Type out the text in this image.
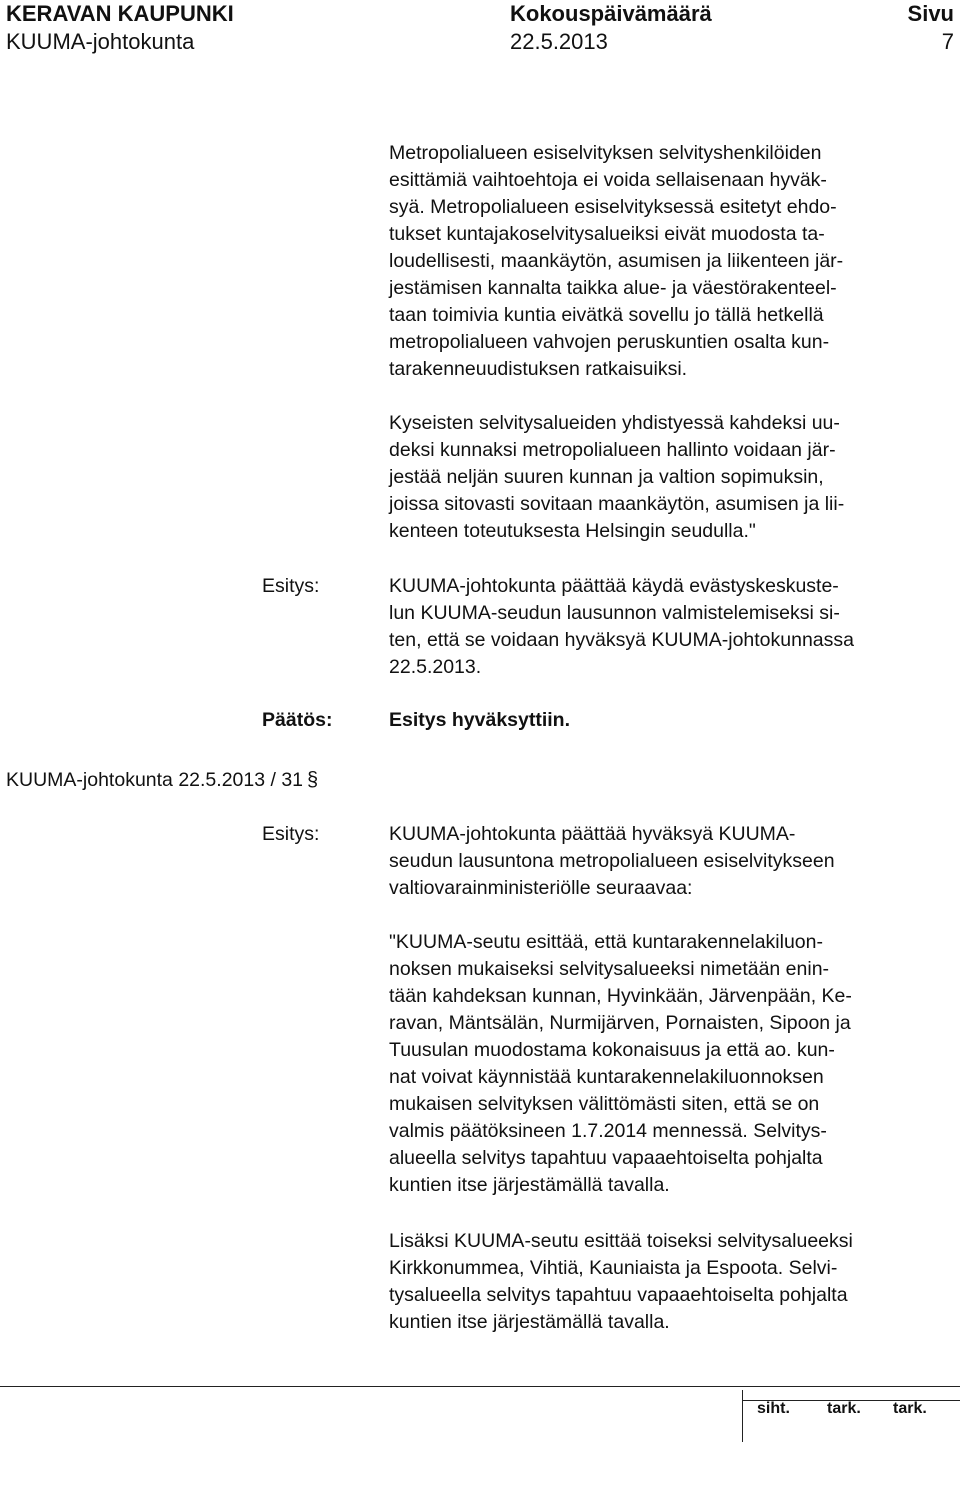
KERAVAN KAUPUNKI	Kokouspäivämäärä	Sivu
KUUMA-johtokunta	22.5.2013	7
Metropolialueen esiselvityksen selvityshenkilöiden
esittämiä vaihtoehtoja ei voida sellaisenaan hyväk-
syä. Metropolialueen esiselvityksessä esitetyt ehdo-
tukset kuntajakoselvitysalueiksi eivät muodosta ta-
loudellisesti, maankäytön, asumisen ja liikenteen jär-
jestämisen kannalta taikka alue- ja väestörakenteel-
taan toimivia kuntia eivätkä sovellu jo tällä hetkellä
metropolialueen vahvojen peruskuntien osalta kun-
tarakenneuudistuksen ratkaisuiksi.
Kyseisten selvitysalueiden yhdistyessä kahdeksi uu-
deksi kunnaksi metropolialueen hallinto voidaan jär-
jestää neljän suuren kunnan ja valtion sopimuksin,
joissa sitovasti sovitaan maankäytön, asumisen ja lii-
kenteen toteutuksesta Helsingin seudulla."
Esitys:	KUUMA-johtokunta päättää käydä evästyskeskuste-
lun KUUMA-seudun lausunnon valmistelemiseksi si-
ten, että se voidaan hyväksyä KUUMA-johtokunnassa
22.5.2013.
Päätös:	Esitys hyväksyttiin.
KUUMA-johtokunta 22.5.2013 / 31 §
Esitys:	KUUMA-johtokunta päättää hyväksyä KUUMA-
seudun lausuntona metropolialueen esiselvitykseen
valtiovarainministeriölle seuraavaa:
"KUUMA-seutu esittää, että kuntarakennelakiluon-
noksen mukaiseksi selvitysalueeksi nimetään enin-
tään kahdeksan kunnan, Hyvinkään, Järvenpään, Ke-
ravan, Mäntsälän, Nurmijärven, Pornaisten, Sipoon ja
Tuusulan muodostama kokonaisuus ja että ao. kun-
nat voivat käynnistää kuntarakennelakiluonnoksen
mukaisen selvityksen välittömästi siten, että se on
valmis päätöksineen 1.7.2014 mennessä. Selvitys-
alueella selvitys tapahtuu vapaaehtoiselta pohjalta
kuntien itse järjestämällä tavalla.
Lisäksi KUUMA-seutu esittää toiseksi selvitysalueeksi
Kirkkonummea, Vihtiä, Kauniaista ja Espoota. Selvi-
tysalueella selvitys tapahtuu vapaaehtoiselta pohjalta
kuntien itse järjestämällä tavalla.
siht. tark. tark.
